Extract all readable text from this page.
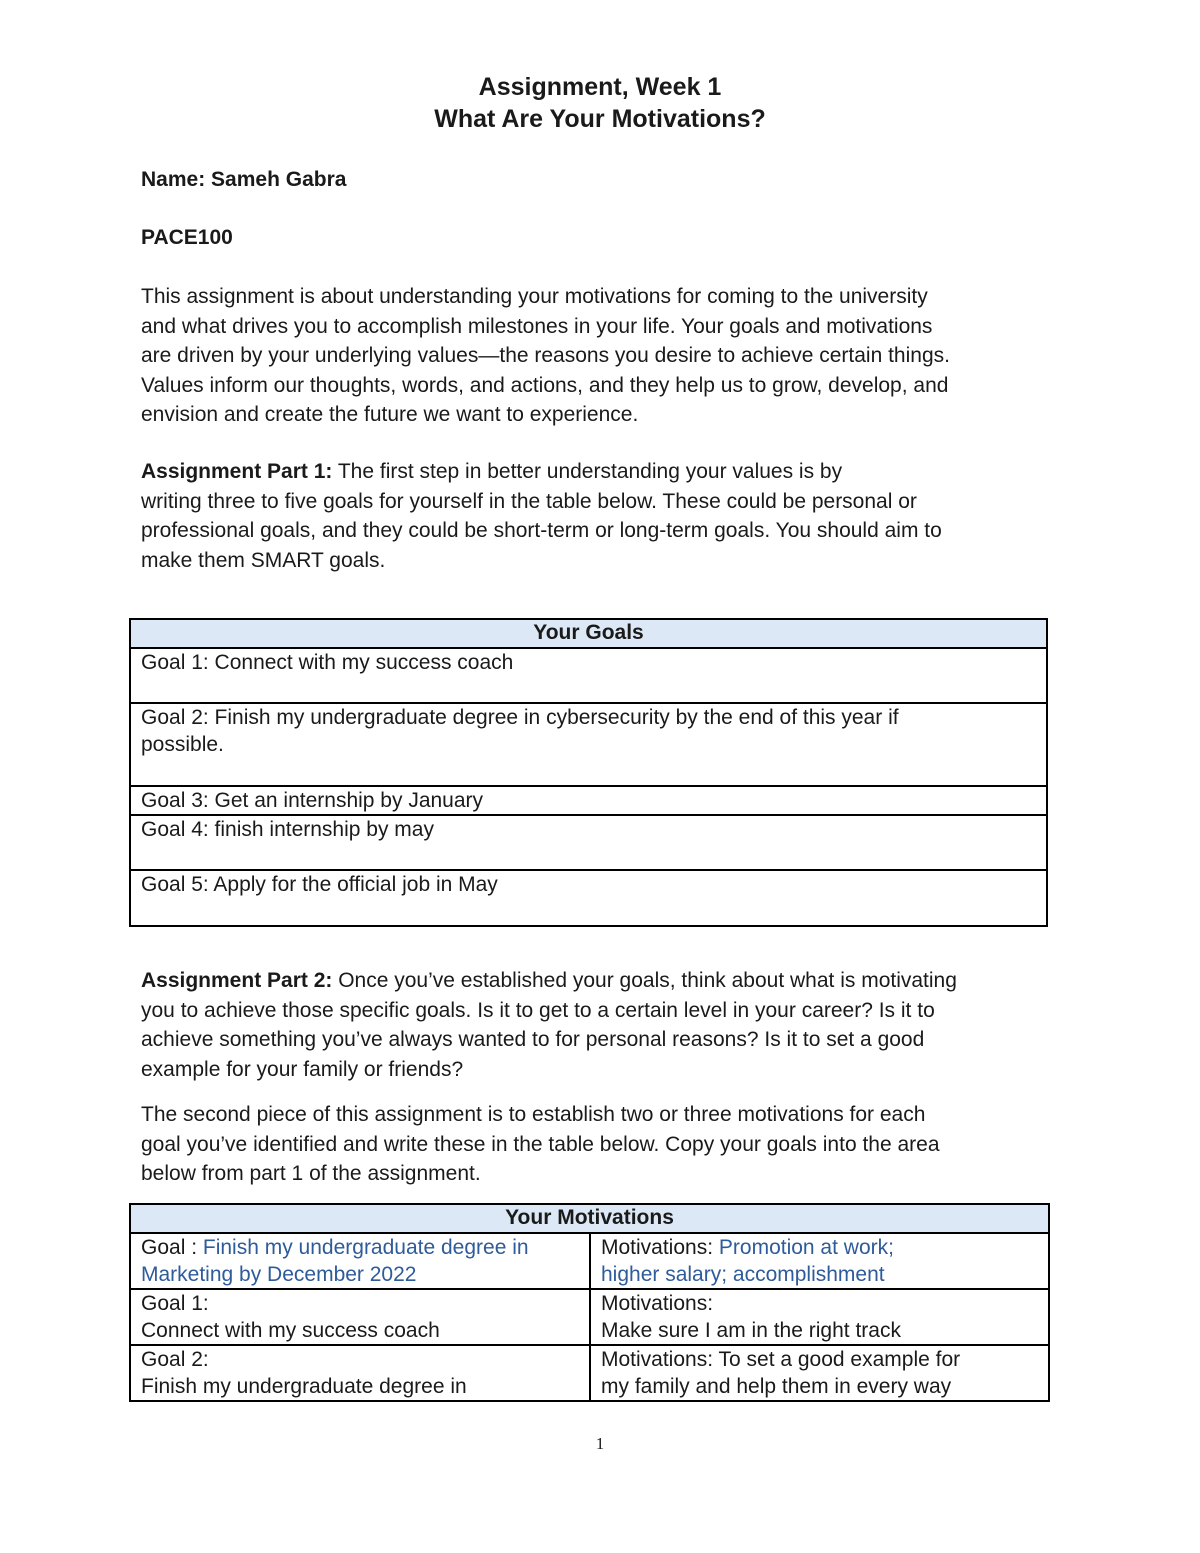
Assignment, Week 1
What Are Your Motivations?

Name: Sameh Gabra

PACE100

This assignment is about understanding your motivations for coming to the university
and what drives you to accomplish milestones in your life. Your goals and motivations
are driven by your underlying values—the reasons you desire to achieve certain things.
Values inform our thoughts, words, and actions, and they help us to grow, develop, and
envision and create the future we want to experience.
Assignment Part 1: The first step in better understanding your values is by
writing three to five goals for yourself in the table below. These could be personal or
professional goals, and they could be short-term or long-term goals. You should aim to
make them SMART goals.
Your Goals
Goal 1: Connect with my success coach

Goal 2: Finish my undergraduate degree in cybersecurity by the end of this year if
possible.

Goal 3: Get an internship by January
Goal 4: finish internship by may
Goal 5: Apply for the official job in May
Assignment Part 2: Once you’ve established your goals, think about what is motivating
you to achieve those specific goals. Is it to get to a certain level in your career? Is it to
achieve something you’ve always wanted to for personal reasons? Is it to set a good
example for your family or friends?
The second piece of this assignment is to establish two or three motivations for each
goal you’ve identified and write these in the table below. Copy your goals into the area
below from part 1 of the assignment.
Your Motivations	

Goal : Finish my undergraduate degree in
Marketing by December 2022	Motivations: Promotion at work;
higher salary; accomplishment

Goal 1:
Connect with my success coach	Motivations:
Make sure I am in the right track

Goal 2:
Finish my undergraduate degree in	Motivations: To set a good example for
my family and help them in every way
1
